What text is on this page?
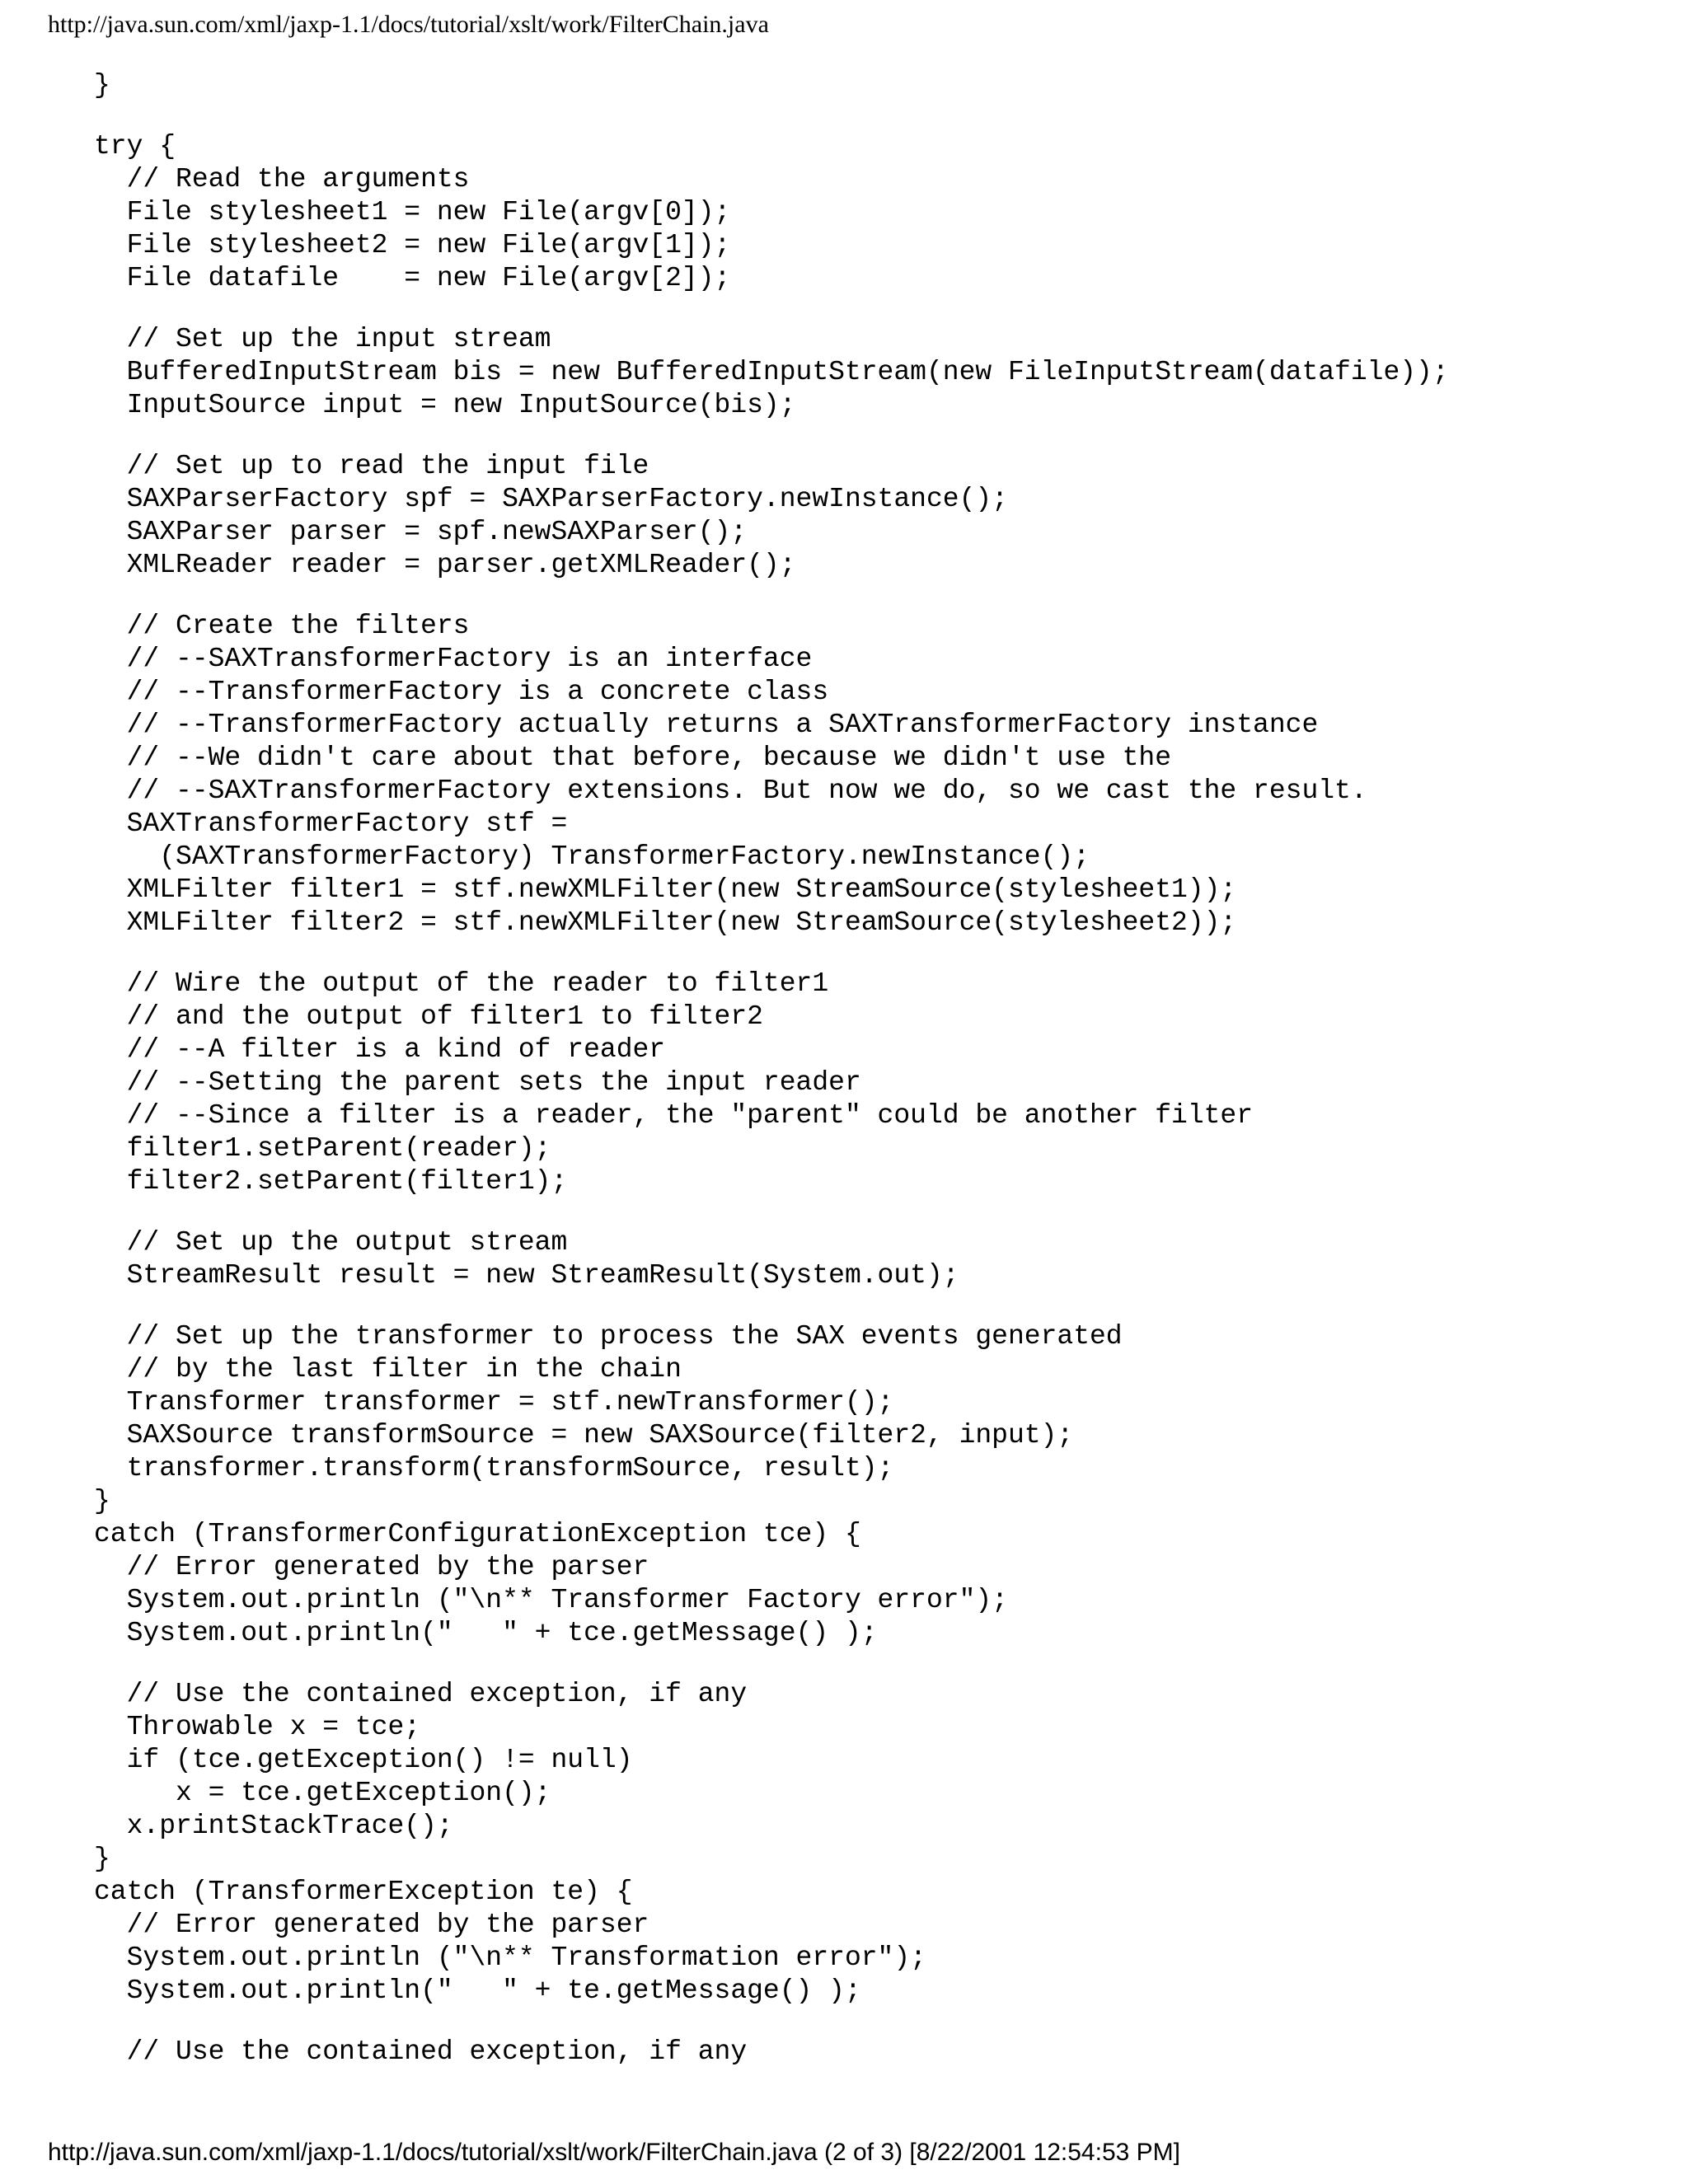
http://java.sun.com/xml/jaxp-1.1/docs/tutorial/xslt/work/FilterChain.java
}
try {
// Read the arguments
File stylesheet1 = new File(argv[0]);
File stylesheet2 = new File(argv[1]);
File datafile    = new File(argv[2]);
// Set up the input stream
BufferedInputStream bis = new BufferedInputStream(new FileInputStream(datafile));
InputSource input = new InputSource(bis);
// Set up to read the input file
SAXParserFactory spf = SAXParserFactory.newInstance();
SAXParser parser = spf.newSAXParser();
XMLReader reader = parser.getXMLReader();
// Create the filters
// --SAXTransformerFactory is an interface
// --TransformerFactory is a concrete class
// --TransformerFactory actually returns a SAXTransformerFactory instance
// --We didn't care about that before, because we didn't use the
// --SAXTransformerFactory extensions. But now we do, so we cast the result.
SAXTransformerFactory stf =
(SAXTransformerFactory) TransformerFactory.newInstance();
XMLFilter filter1 = stf.newXMLFilter(new StreamSource(stylesheet1));
XMLFilter filter2 = stf.newXMLFilter(new StreamSource(stylesheet2));
// Wire the output of the reader to filter1
// and the output of filter1 to filter2
// --A filter is a kind of reader
// --Setting the parent sets the input reader
// --Since a filter is a reader, the "parent" could be another filter
filter1.setParent(reader);
filter2.setParent(filter1);
// Set up the output stream
StreamResult result = new StreamResult(System.out);
// Set up the transformer to process the SAX events generated
// by the last filter in the chain
Transformer transformer = stf.newTransformer();
SAXSource transformSource = new SAXSource(filter2, input);
transformer.transform(transformSource, result);
}
catch (TransformerConfigurationException tce) {
// Error generated by the parser
System.out.println ("\n** Transformer Factory error");
System.out.println("   " + tce.getMessage() );
// Use the contained exception, if any
Throwable x = tce;
if (tce.getException() != null)
x = tce.getException();
x.printStackTrace();
}
catch (TransformerException te) {
// Error generated by the parser
System.out.println ("\n** Transformation error");
System.out.println("   " + te.getMessage() );
// Use the contained exception, if any
http://java.sun.com/xml/jaxp-1.1/docs/tutorial/xslt/work/FilterChain.java (2 of 3) [8/22/2001 12:54:53 PM]
